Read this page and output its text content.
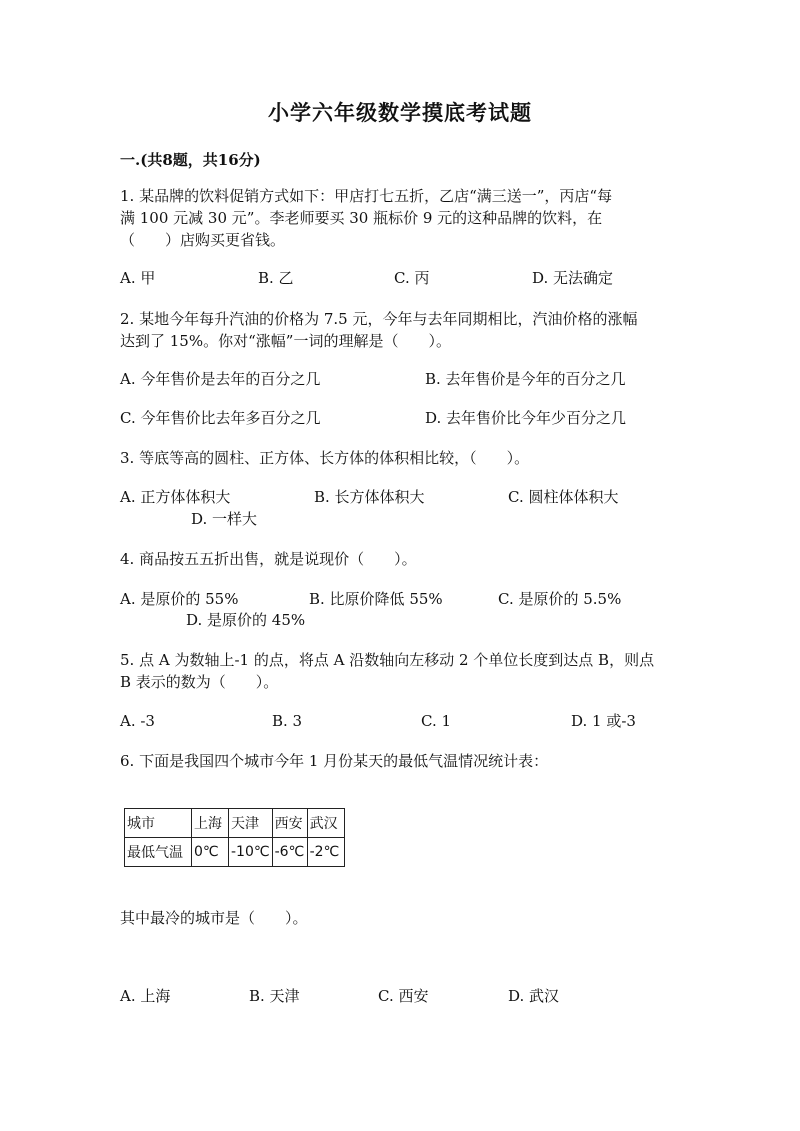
小学六年级数学摸底考试题
一.(共8题，共16分)
1. 某品牌的饮料促销方式如下：甲店打七五折，乙店“满三送一”，丙店“每
满 100 元减 30 元”。李老师要买 30 瓶标价 9 元的这种品牌的饮料，在
（　　）店购买更省钱。
A. 甲	B. 乙	C. 丙	D. 无法确定
2. 某地今年每升汽油的价格为 7.5 元，今年与去年同期相比，汽油价格的涨幅
达到了 15%。你对“涨幅”一词的理解是（　　）。
A. 今年售价是去年的百分之几	B. 去年售价是今年的百分之几
C. 今年售价比去年多百分之几	D. 去年售价比今年少百分之几
3. 等底等高的圆柱、正方体、长方体的体积相比较，（　　）。
A. 正方体体积大	B. 长方体体积大	C. 圆柱体体积大
D. 一样大
4. 商品按五五折出售，就是说现价（　　）。
A. 是原价的 55%	B. 比原价降低 55%	C. 是原价的 5.5%
D. 是原价的 45%
5. 点 A 为数轴上-1 的点，将点 A 沿数轴向左移动 2 个单位长度到达点 B，则点
B 表示的数为（　　）。
A. -3	B. 3	C. 1	D. 1 或-3
6. 下面是我国四个城市今年 1 月份某天的最低气温情况统计表：
城市	上海	天津	西安	武汉
最低气温	0℃	-10℃	-6℃	-2℃
其中最冷的城市是（　　）。
A. 上海	B. 天津	C. 西安	D. 武汉
